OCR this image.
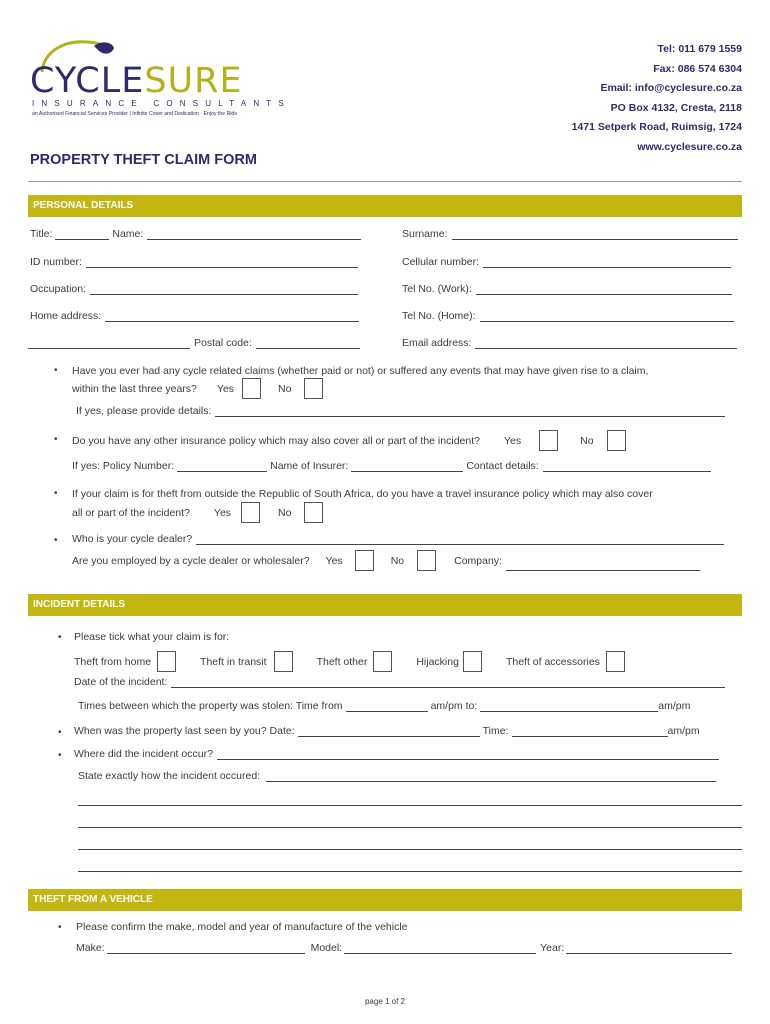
CYCLESURE
INSURANCE CONSULTANTS
an Authorised Financial Services Provider | Infinite Cover and Dedication · Enjoy the Ride
Tel: 011 679 1559
Fax: 086 574 6304
Email: info@cyclesure.co.za
PO Box 4132, Cresta, 2118
1471 Setperk Road, Ruimsig, 1724
www.cyclesure.co.za
PROPERTY THEFT CLAIM FORM
PERSONAL DETAILS
Title:	Name:	Surname:
ID number:	Cellular number:
Occupation:	Tel No. (Work):
Home address:	Tel No. (Home):
Postal code:	Email address:
• Have you ever had any cycle related claims (whether paid or not) or suffered any events that may have given rise to a claim,
within the last three years? Yes	No
If yes, please provide details:
• Do you have any other insurance policy which may also cover all or part of the incident? Yes	No
If yes: Policy Number:	Name of Insurer:	Contact details:
• If your claim is for theft from outside the Republic of South Africa, do you have a travel insurance policy which may also cover
all or part of the incident? Yes	No
• Who is your cycle dealer?
Are you employed by a cycle dealer or wholesaler? Yes	No	Company:
INCIDENT DETAILS
• Please tick what your claim is for:
Theft from home	Theft in transit	Theft other	Hijacking	Theft of accessories
Date of the incident:
Times between which the property was stolen: Time from	am/pm to:	am/pm
• When was the property last seen by you? Date:	Time:	am/pm
• Where did the incident occur?
State exactly how the incident occured:
THEFT FROM A VEHICLE
• Please confirm the make, model and year of manufacture of the vehicle
Make:	Model:	Year:
page 1 of 2
